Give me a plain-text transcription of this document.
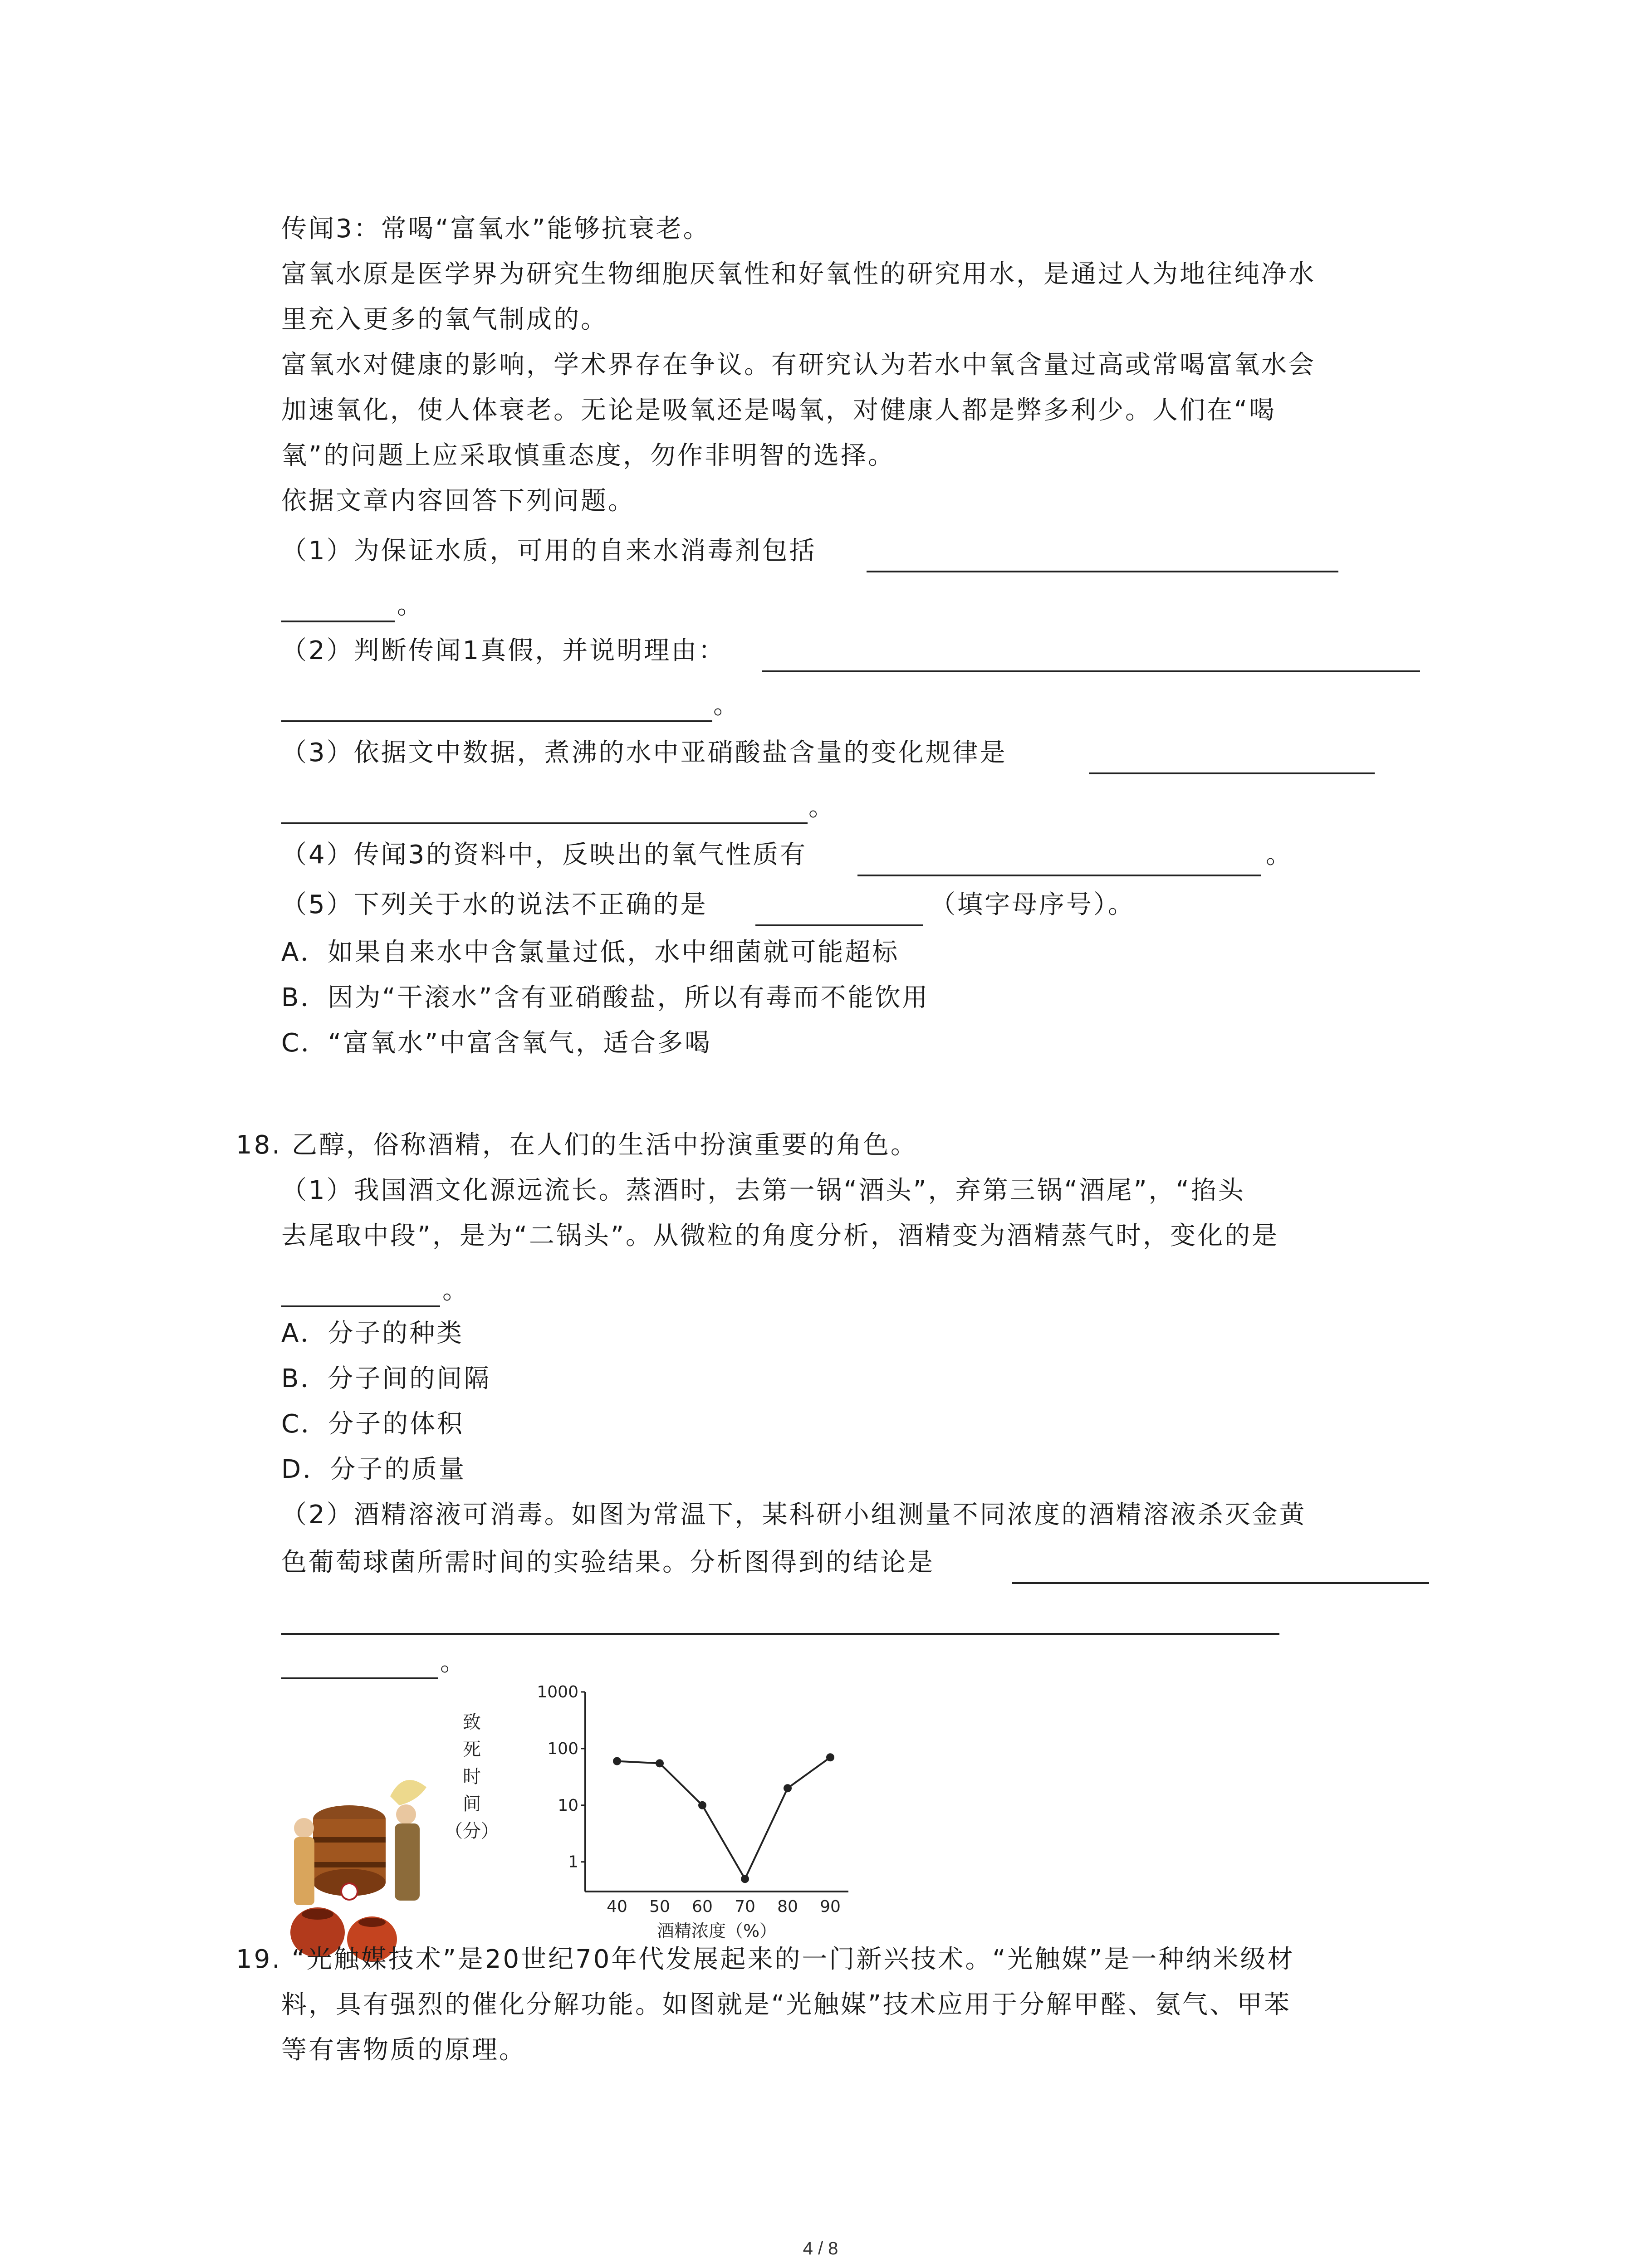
传闻3：常喝“富氧水”能够抗衰老。
富氧水原是医学界为研究生物细胞厌氧性和好氧性的研究用水，是通过人为地往纯净水
里充入更多的氧气制成的。
富氧水对健康的影响，学术界存在争议。有研究认为若水中氧含量过高或常喝富氧水会
加速氧化，使人体衰老。无论是吸氧还是喝氧，对健康人都是弊多利少。人们在“喝
氧”的问题上应采取慎重态度，勿作非明智的选择。
依据文章内容回答下列问题。
（1）为保证水质，可用的自来水消毒剂包括
。
（2）判断传闻1真假，并说明理由：
。
（3）依据文中数据，煮沸的水中亚硝酸盐含量的变化规律是
。
（4）传闻3的资料中，反映出的氧气性质有	。
（5）下列关于水的说法不正确的是	（填字母序号）。
A．如果自来水中含氯量过低，水中细菌就可能超标
B．因为“干滚水”含有亚硝酸盐，所以有毒而不能饮用
C．“富氧水”中富含氧气，适合多喝
18. 乙醇，俗称酒精，在人们的生活中扮演重要的角色。
（1）我国酒文化源远流长。蒸酒时，去第一锅“酒头”，弃第三锅“酒尾”，“掐头
去尾取中段”，是为“二锅头”。从微粒的角度分析，酒精变为酒精蒸气时，变化的是
。
A．分子的种类
B．分子间的间隔
C．分子的体积
D．分子的质量
（2）酒精溶液可消毒。如图为常温下，某科研小组测量不同浓度的酒精溶液杀灭金黄
色葡萄球菌所需时间的实验结果。分析图得到的结论是
。
致
死
时
间
（分）
1000
100
10
1
40 50 60 70 80 90
酒精浓度（%）
19. “光触媒技术”是20世纪70年代发展起来的一门新兴技术。“光触媒”是一种纳米级材
料，具有强烈的催化分解功能。如图就是“光触媒”技术应用于分解甲醛、氨气、甲苯
等有害物质的原理。
4 / 8
